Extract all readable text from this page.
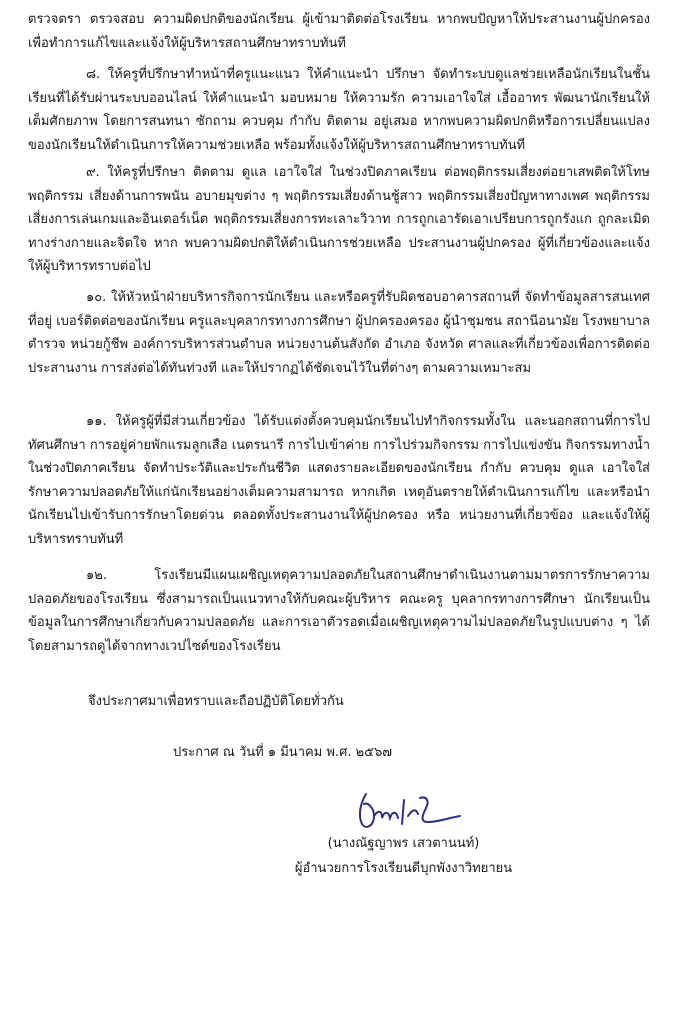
ตรวจตรา ตรวจสอบ ความผิดปกติของนักเรียน ผู้เข้ามาติดต่อโรงเรียน หากพบปัญหาให้ประสานงานผู้ปกครองเพื่อทำการแก้ไขและแจ้งให้ผู้บริหารสถานศึกษาทราบทันที

๘. ให้ครูที่ปรึกษาทำหน้าที่ครูแนะแนว ให้คำแนะนำ ปรึกษา จัดทำระบบดูแลช่วยเหลือนักเรียนในชั้นเรียนที่ได้รับผ่านระบบออนไลน์ ให้คำแนะนำ มอบหมาย ให้ความรัก ความเอาใจใส่ เอื้ออาทร พัฒนานักเรียนให้เต็มศักยภาพ โดยการสนทนา ซักถาม ควบคุม กำกับ ติดตาม อยู่เสมอ หากพบความผิดปกติหรือการเปลี่ยนแปลงของนักเรียนให้ดำเนินการให้ความช่วยเหลือ พร้อมทั้งแจ้งให้ผู้บริหารสถานศึกษาทราบทันที

๙. ให้ครูที่ปรึกษา ติดตาม ดูแล เอาใจใส่ ในช่วงปิดภาคเรียน ต่อพฤติกรรมเสี่ยงต่อยาเสพติดให้โทษ พฤติกรรม เสี่ยงด้านการพนัน อบายมุขต่าง ๆ พฤติกรรมเสี่ยงด้านชู้สาว พฤติกรรมเสี่ยงปัญหาทางเพศ พฤติกรรมเสี่ยงการเล่นเกมและอินเตอร์เน็ต พฤติกรรมเสี่ยงการทะเลาะวิวาท การถูกเอารัดเอาเปรียบการถูกรังแก ถูกละเมิดทางร่างกายและจิตใจ หาก พบความผิดปกติให้ดำเนินการช่วยเหลือ ประสานงานผู้ปกครอง ผู้ที่เกี่ยวข้องและแจ้งให้ผู้บริหารทราบต่อไป

๑๐. ให้หัวหน้าฝ่ายบริหารกิจการนักเรียน และหรือครูที่รับผิดชอบอาคารสถานที่ จัดทำข้อมูลสารสนเทศ ที่อยู่ เบอร์ติดต่อของนักเรียน ครูและบุคลากรทางการศึกษา ผู้ปกครองครอง ผู้นำชุมชน สถานีอนามัย โรงพยาบาลตำรวจ หน่วยกู้ชีพ องค์การบริหารส่วนตำบล หน่วยงานต้นสังกัด อำเภอ จังหวัด ศาลและที่เกี่ยวข้องเพื่อการติดต่อประสานงาน การส่งต่อได้ทันท่วงที และให้ปรากฏได้ชัดเจนไว้ในที่ต่างๆ ตามความเหมาะสม

๑๑. ให้ครูผู้ที่มีส่วนเกี่ยวข้อง ได้รับแต่งตั้งควบคุมนักเรียนไปทำกิจกรรมทั้งใน และนอกสถานที่การไปทัศนศึกษา การอยู่ค่ายพักแรมลูกเสือ เนตรนารี การไปเข้าค่าย การไปร่วมกิจกรรม การไปแข่งขัน กิจกรรมทางน้ำ ในช่วงปิดภาคเรียน จัดทำประวัติและประกันชีวิต แสดงรายละเอียดของนักเรียน กำกับ ควบคุม ดูแล เอาใจใส่ รักษาความปลอดภัยให้แก่นักเรียนอย่างเต็มความสามารถ หากเกิด เหตุอันตรายให้ดำเนินการแก้ไข และหรือนำนักเรียนไปเข้ารับการรักษาโดยด่วน ตลอดทั้งประสานงานให้ผู้ปกครอง หรือ หน่วยงานที่เกี่ยวข้อง และแจ้งให้ผู้บริหารทราบทันที

๑๒. โรงเรียนมีแผนเผชิญเหตุความปลอดภัยในสถานศึกษาดำเนินงานตามมาตรการรักษาความปลอดภัยของโรงเรียน ซึ่งสามารถเป็นแนวทางให้กับคณะผู้บริหาร คณะครู บุคลากรทางการศึกษา นักเรียนเป็นข้อมูลในการศึกษาเกี่ยวกับความปลอดภัย และการเอาตัวรอดเมื่อเผชิญเหตุความไม่ปลอดภัยในรูปแบบต่าง ๆ ได้โดยสามารถดูได้จากทางเวปไซต์ของโรงเรียน

จึงประกาศมาเพื่อทราบและถือปฏิบัติโดยทั่วกัน

ประกาศ ณ วันที่ ๑ มีนาคม พ.ศ. ๒๕๖๗

(นางณัฐญาพร เสวตานนท์)

ผู้อำนวยการโรงเรียนดีบุกพังงาวิทยายน
